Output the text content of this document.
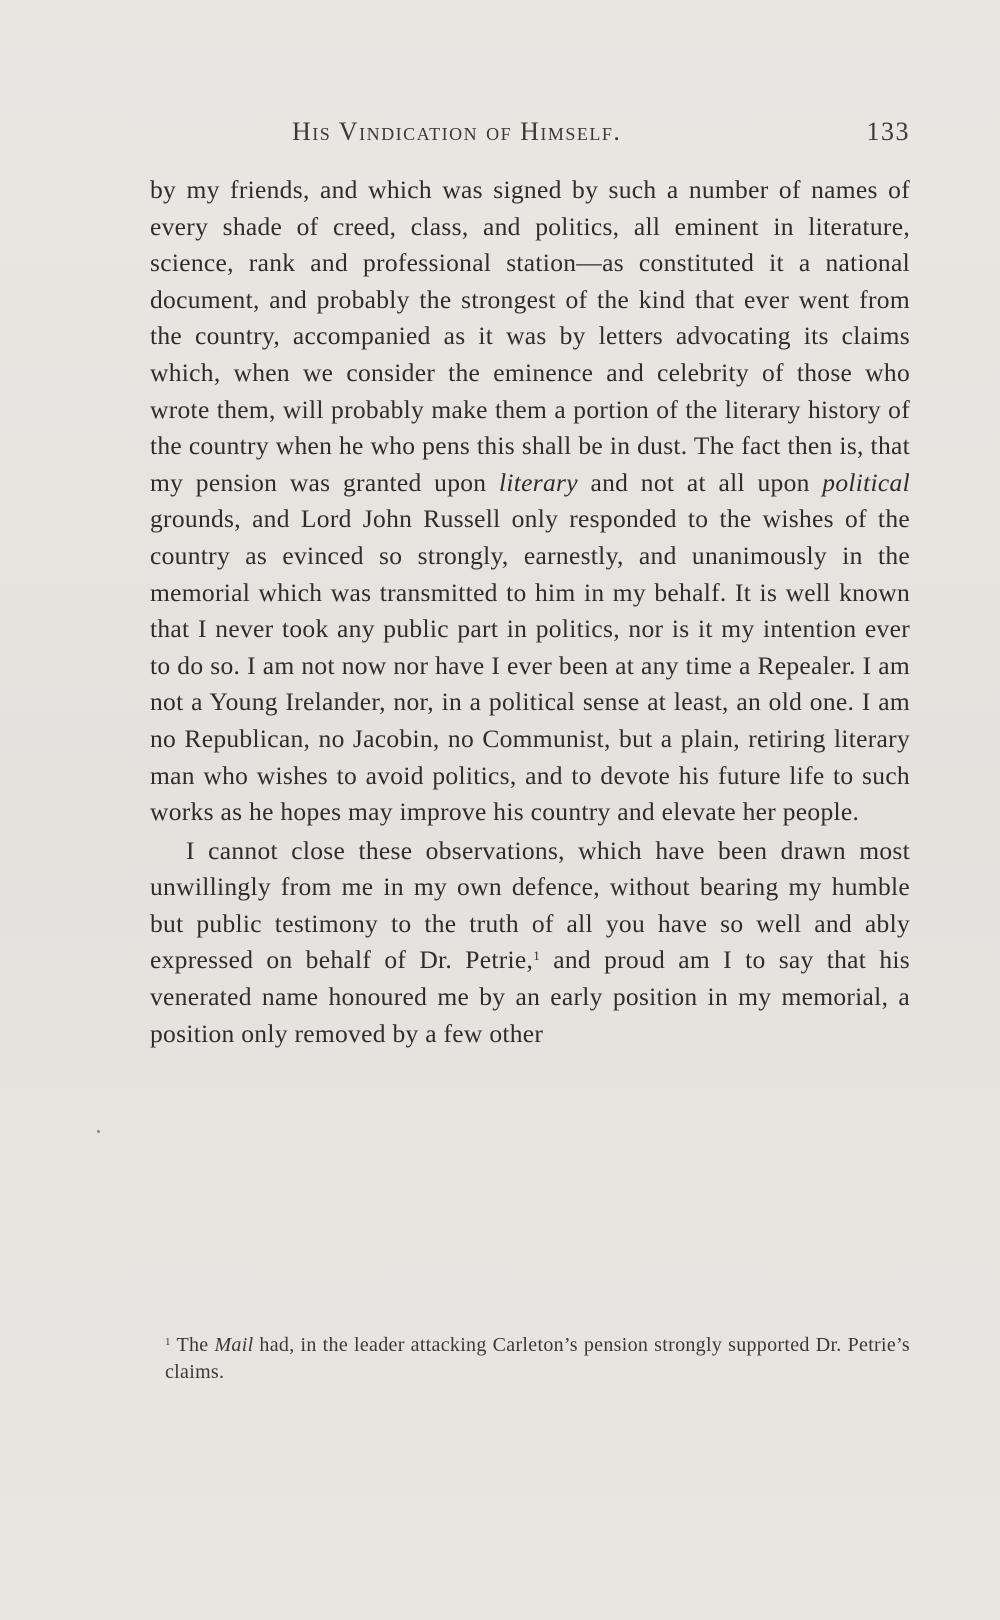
His Vindication of Himself.	133

by my friends, and which was signed by such a number of names of every shade of creed, class, and politics, all eminent in literature, science, rank and professional station—as constituted it a national document, and probably the strongest of the kind that ever went from the country, accompanied as it was by letters advocating its claims which, when we consider the eminence and celebrity of those who wrote them, will probably make them a portion of the literary history of the country when he who pens this shall be in dust. The fact then is, that my pension was granted upon literary and not at all upon political grounds, and Lord John Russell only responded to the wishes of the country as evinced so strongly, earnestly, and unanimously in the memorial which was transmitted to him in my behalf. It is well known that I never took any public part in politics, nor is it my intention ever to do so. I am not now nor have I ever been at any time a Repealer. I am not a Young Irelander, nor, in a political sense at least, an old one. I am no Republican, no Jacobin, no Communist, but a plain, retiring literary man who wishes to avoid politics, and to devote his future life to such works as he hopes may improve his country and elevate her people.

I cannot close these observations, which have been drawn most unwillingly from me in my own defence, without bearing my humble but public testimony to the truth of all you have so well and ably expressed on behalf of Dr. Petrie,$^1$ and proud am I to say that his venerated name honoured me by an early position in my memorial, a position only removed by a few other

$^1$ The Mail had, in the leader attacking Carleton’s pension strongly supported Dr. Petrie’s claims.
